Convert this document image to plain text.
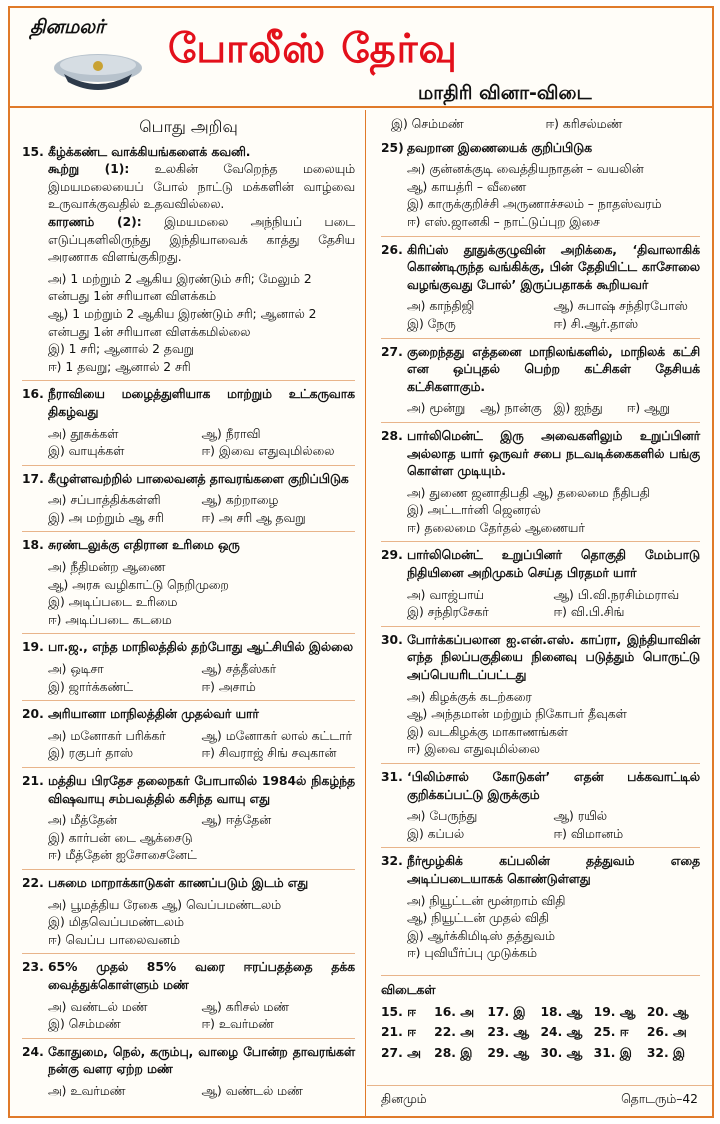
தினமலர் போலீஸ் தேர்வு
மாதிரி வினா-விடை
பொது அறிவு
15. கீழ்க்கண்ட வாக்கியங்களைக் கவனி.
கூற்று (1): உலகின் வேறெந்த மலையும் இமயமலையைப் போல் நாட்டு மக்களின் வாழ்வை உருவாக்குவதில் உதவவில்லை.
காரணம் (2): இமயமலை அந்நியப் படை எடுப்புகளிலிருந்து இந்தியாவைக் காத்து தேசிய அரணாக விளங்குகிறது.
அ) 1 மற்றும் 2 ஆகிய இரண்டும் சரி; மேலும் 2 என்பது 1ன் சரியான விளக்கம்
ஆ) 1 மற்றும் 2 ஆகிய இரண்டும் சரி; ஆனால் 2 என்பது 1ன் சரியான விளக்கமில்லை
இ) 1 சரி; ஆனால் 2 தவறு
ஈ) 1 தவறு; ஆனால் 2 சரி
16. நீராவியை மழைத்துளியாக மாற்றும் உட்கருவாக திகழ்வது
அ) தூசுக்கள்	ஆ) நீராவி
இ) வாயுக்கள்	ஈ) இவை எதுவுமில்லை
17. கீழுள்ளவற்றில் பாலைவனத் தாவரங்களை குறிப்பிடுக
அ) சப்பாத்திக்கள்ளி	ஆ) கற்றாழை
இ) அ மற்றும் ஆ சரி	ஈ) அ சரி ஆ தவறு
18. சுரண்டலுக்கு எதிரான உரிமை ஒரு
அ) நீதிமன்ற ஆணை
ஆ) அரசு வழிகாட்டு நெறிமுறை
இ) அடிப்படை உரிமை
ஈ) அடிப்படை கடமை
19. பா.ஜ., எந்த மாநிலத்தில் தற்போது ஆட்சியில் இல்லை
அ) ஒடிசா	ஆ) சத்தீஸ்கர்
இ) ஜார்க்கண்ட்	ஈ) அசாம்
20. அரியானா மாநிலத்தின் முதல்வர் யார்
அ) மனோகர் பரிக்கர்	ஆ) மனோகர் லால் கட்டார்
இ) ரகுபர் தாஸ்	ஈ) சிவராஜ் சிங் சவுகான்
21. மத்திய பிரதேச தலைநகர் போபாலில் 1984ல் நிகழ்ந்த விஷவாயு சம்பவத்தில் கசிந்த வாயு எது
அ) மீத்தேன்	ஆ) ஈத்தேன்
இ) கார்பன் டை ஆக்சைடு
ஈ) மீத்தேன் ஐசோசைனேட்
22. பசுமை மாறாக்காடுகள் காணப்படும் இடம் எது
அ) பூமத்திய ரேகை ஆ) வெப்பமண்டலம்
இ) மிதவெப்பமண்டலம்
ஈ) வெப்ப பாலைவனம்
23. 65% முதல் 85% வரை ஈரப்பதத்தை தக்க வைத்துக்கொள்ளும் மண்
அ) வண்டல் மண்	ஆ) கரிசல் மண்
இ) செம்மண்	ஈ) உவர்மண்
24. கோதுமை, நெல், கரும்பு, வாழை போன்ற தாவரங்கள் நன்கு வளர ஏற்ற மண்
அ) உவர்மண்	ஆ) வண்டல் மண்
இ) செம்மண்	ஈ) கரிசல்மண்
25) தவறான இணையைக் குறிப்பிடுக
அ) குன்னக்குடி வைத்தியநாதன் – வயலின்
ஆ) காயத்ரி – வீணை
இ) காருக்குறிச்சி அருணாச்சலம் – நாதஸ்வரம்
ஈ) எஸ்.ஜானகி – நாட்டுப்புற இசை
26. கிரிப்ஸ் தூதுக்குழுவின் அறிக்கை, ‘திவாலாகிக் கொண்டிருந்த வங்கிக்கு, பின் தேதியிட்ட காசோலை வழங்குவது போல்’ இருப்பதாகக் கூறியவர்
அ) காந்திஜி	ஆ) சுபாஷ் சந்திரபோஸ்
இ) நேரு	ஈ) சி.ஆர்.தாஸ்
27. குறைந்தது எத்தனை மாநிலங்களில், மாநிலக் கட்சி என ஒப்புதல் பெற்ற கட்சிகள் தேசியக் கட்சிகளாகும்.
அ) மூன்று	ஆ) நான்கு இ) ஐந்து	ஈ) ஆறு
28. பார்லிமென்ட் இரு அவைகளிலும் உறுப்பினர் அல்லாத யார் ஒருவர் சபை நடவடிக்கைகளில் பங்கு கொள்ள முடியும்.
அ) துணை ஜனாதிபதி ஆ) தலைமை நீதிபதி
இ) அட்டார்னி ஜெனரல்
ஈ) தலைமை தேர்தல் ஆணையர்
29. பார்லிமென்ட் உறுப்பினர் தொகுதி மேம்பாடு நிதியினை அறிமுகம் செய்த பிரதமர் யார்
அ) வாஜ்பாய்	ஆ) பி.வி.நரசிம்மராவ்
இ) சந்திரசேகர்	ஈ) வி.பி.சிங்
30. போர்க்கப்பலான ஐ.என்.எஸ். காப்ரா, இந்தியாவின் எந்த நிலப்பகுதியை நினைவு படுத்தும் பொருட்டு அப்பெயரிடப்பட்டது
அ) கிழக்குக் கடற்கரை
ஆ) அந்தமான் மற்றும் நிகோபர் தீவுகள்
இ) வடகிழக்கு மாகாணங்கள்
ஈ) இவை எதுவுமில்லை
31. ‘பிலிம்சால் கோடுகள்’ எதன் பக்கவாட்டில் குறிக்கப்பட்டு இருக்கும்
அ) பேருந்து	ஆ) ரயில்
இ) கப்பல்	ஈ) விமானம்
32. நீர்மூழ்கிக் கப்பலின் தத்துவம் எதை அடிப்படையாகக் கொண்டுள்ளது
அ) நியூட்டன் மூன்றாம் விதி
ஆ) நியூட்டன் முதல் விதி
இ) ஆர்க்கிமிடிஸ் தத்துவம்
ஈ) புவியீர்ப்பு முடுக்கம்
விடைகள்
15. ஈ	16. அ	17. இ	18. ஆ 19. ஆ 20. ஆ
21. ஈ	22. அ	23. ஆ 24. ஆ 25. ஈ	26. அ
27. அ	28. இ	29. ஆ 30. ஆ 31. இ	32. இ
தினமும்	தொடரும்–42
